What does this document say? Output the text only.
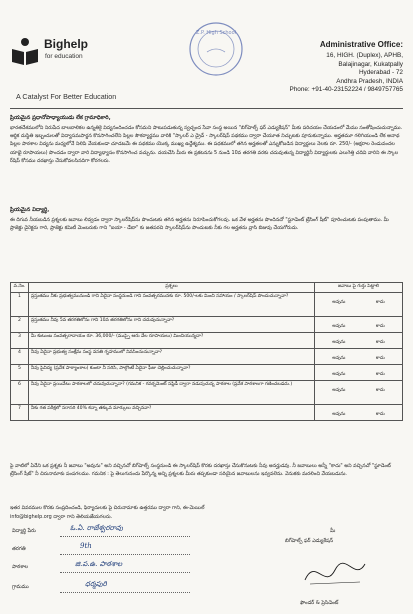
Bighelp
for education
A Catalyst For Better Education
Z.P. High School
Administrative Office:
16, HIGH. (Duplex), APHB,
Balajinagar, Kukatpally
Hyderabad - 72
Andhra Pradesh, INDIA
Phone: +91-40-23152224 / 9849757765
ప్రియమైన ప్రధానోపాధ్యాయుడు లేక గ్రామాధికారి,
భారతదేశములోని నిరుపేద బాలబాలికల ఉన్నతికై విద్యనందించడం కోసమని పాటుపడుతున్న స్వచ్ఛంద సేవా సంస్థ అయిన "బిగ్‌హెల్ప్ ఫర్ ఎడ్యుకేషన్" మీకు పరిచయం చేయడంలో మేము సంతోషించుచున్నాము. ఆర్థిక దుస్థితి ఇబ్బందులతో విద్యాసమపార్జన కొనసాగించలేని పిల్లల సౌకర్యార్థము వారికి "స్కాలర్ ఎ డ్రైవ్ - స్కాలర్‌షిప్ పథకము ద్వారా చేయూత నిచ్చుటకు పూనుకున్నాము. అర్హతమూ గలిగియుండి లేక ఆనాథ పిల్లల పాఠశాల విద్యను మధ్యలోనే నిలిపి వేయకుండా చూడటమే ఈ పథకము యొక్క ముఖ్య ఉద్దేశ్యము. ఈ పథకములో తగిన అర్హతలతో ఎన్నుకోబడిన విద్యార్థులు నెలకు రూ. 250/- (అక్షరాల రెండువందల యాభై రూపాయలు) పొందడం ద్వారా వారి విద్యాభ్యాసం కొనసాగించ వచ్చును. దయచేసి మీరు ఈ ప్రకటనను 5 నుండి 10వ తరగతి వరకు చదువుతున్న విద్యార్థినీ విద్యార్థులకు ఎలుగెత్తి చదివి వారిని ఈ స్కాలర్‌షిప్ కోసము దరఖాస్తు చేసుకోవలసినదిగా కోరగలరు.
ప్రియమైన విద్యార్థి,
ఈ దిగువ నీయబడిన ప్రశ్నలకు జవాబు లివ్వడం ద్వారా స్కాలర్‌షిప్‌ను పొందుటకు తగిన అర్హతను నిరూపించుకోగలవు. ఒక వేళ అర్హతను పొందినచో "స్టూడెంట్ ట్రేసింగ్ షీట్" పూరించుటకు పంపుతాము. మీ ప్రాజెక్టు డైరెక్టరు గారి, ప్రాజెక్టు కమిటీ మెంబరుకు గాని "ఐయా - డేటా" కు జతపరచి స్కాలర్‌షిప్‌ను పొందుటకు నీకు గల అర్హతను వ్రాసి బిజువు చేయగోరుదు.
వ.నెం.	ప్రశ్నలు	జవాబు పై గుర్తు పెట్టాలి
1	ప్రస్తుతము నీకు ప్రభుత్వమునుండి గాని ఏదైనా సంస్థనుండి గాని సంవత్సరమునకు రూ. 500/-లకు మించి సహాయం / స్కాలర్‌షిప్ పొందుచున్నావా?	అవును కాదు

2	ప్రస్తుతము నీవు 5వ తరగతిలోను గాని 10వ తరగతిలోను గాని చదువుచున్నావా?	అవును కాదు

3	మీ కుటుంబ సంవత్సరాదాయం రూ. 36,000/- (ముప్పై ఆరు వేల రూపాయలు) మించియున్నదా?	అవును కాదు

4	నీవు ఏదైనా ప్రభుత్వ సంక్షేమ సంస్థ వసతి గృహములో నివసించుచున్నావా?	అవును కాదు

5	నీవు పైవిద్య (ప్రవేశ పాఠ్యాంశాల) కుంటా నీ సరిసి, పాల్గొంటే ఏదైనా ఫీజు చెల్లించుచున్నావా?	అవును కాదు

6	నీవు ఏదైనా ప్రయివేటు పాఠశాలలో చదువుచున్నావా? (గమనిక - గవర్నమెంట్ సప్లిడీ ద్వారా నడుపుచున్న పాఠశాల (ప్రవేశ పాఠశాలగా గణించబడదు.)	అవును కాదు

7	నీకు గత పరీక్షలో సరాసరి 40% కన్నా తక్కువ మార్కులు వచ్చినవా?	అవును కాదు
పై వాటిలో ఏదేని ఒక ప్రశ్నకు నీ జవాబు "అవును" అని వచ్చినచో బిగ్‌హెల్ప్ సంస్థనుండి ఈ స్కాలర్‌షిప్ కొరకు దరఖాస్తు చేసుకొనుటకు నీవు అనర్హుడవు. నీ జవాబులు అన్నీ "కాదు" అని వచ్చినచో "స్టూడెంట్ ట్రేసింగ్ షీట్" నీ చిరునామాకు పంపగలము. గమనిక : పై తెలుగునందు పేర్కొన్న అన్ని ప్రశ్నలకు మీరు తప్పకుండా సరియైన జవాబులను ఇవ్వవలెను. వెనుకకు మరలించి వేయబడును.
ఇతర వివరముల కొరకు సంప్రదించండి, ఫిర్యాదులకు పై చిరునామాకు ఉత్తరము ద్వారా గాని, ఈ-మెయిల్
info@bighelp.org ద్వారా గాని తెలియజేయగలరు.
విద్యార్థి పేరు	ఓ.ఏ. రాజేశ్వరరావు
తరగతి	9th
పాఠశాల	జి.ప.ఉ. పాఠశాల
గ్రామము	ధర్మపురి
మీ
బిగ్‌హెల్ప్ ఫర్ ఎడ్యుకేషన్
ఫౌండర్ & ప్రెసిడెంట్
